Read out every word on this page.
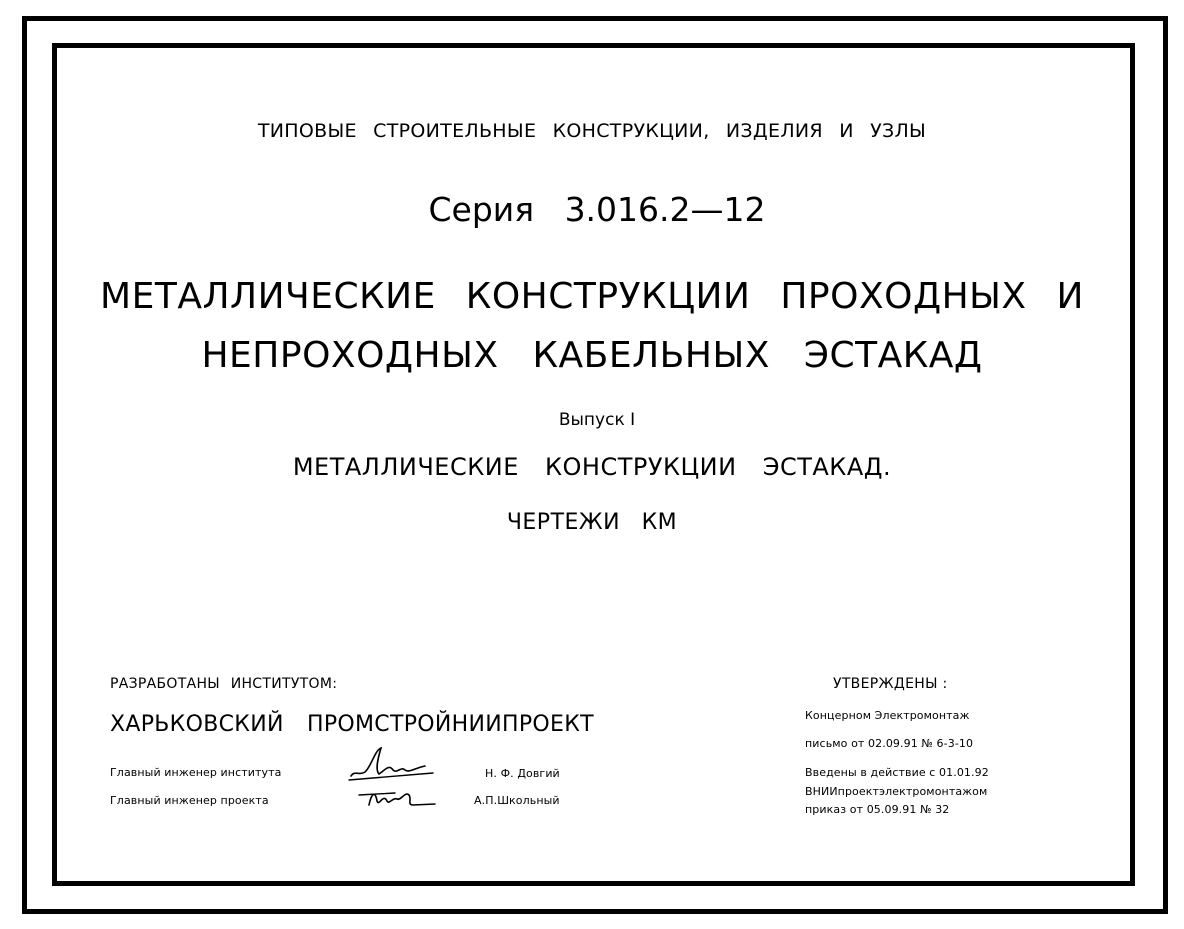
ТИПОВЫЕ СТРОИТЕЛЬНЫЕ КОНСТРУКЦИИ, ИЗДЕЛИЯ И УЗЛЫ
Серия 3.016.2—12
МЕТАЛЛИЧЕСКИЕ КОНСТРУКЦИИ ПРОХОДНЫХ И
НЕПРОХОДНЫХ КАБЕЛЬНЫХ ЭСТАКАД
Выпуск I
МЕТАЛЛИЧЕСКИЕ КОНСТРУКЦИИ ЭСТАКАД.
ЧЕРТЕЖИ КМ
РАЗРАБОТАНЫ ИНСТИТУТОМ:
ХАРЬКОВСКИЙ ПРОМСТРОЙНИИПРОЕКТ
Главный инженер института
Главный инженер проекта
Н. Ф. Довгий
А.П.Школьный
УТВЕРЖДЕНЫ :
Концерном Электромонтаж
письмо от 02.09.91 № 6-3-10
Введены в действие с 01.01.92
ВНИИпроектэлектромонтажом
приказ от 05.09.91 № 32
